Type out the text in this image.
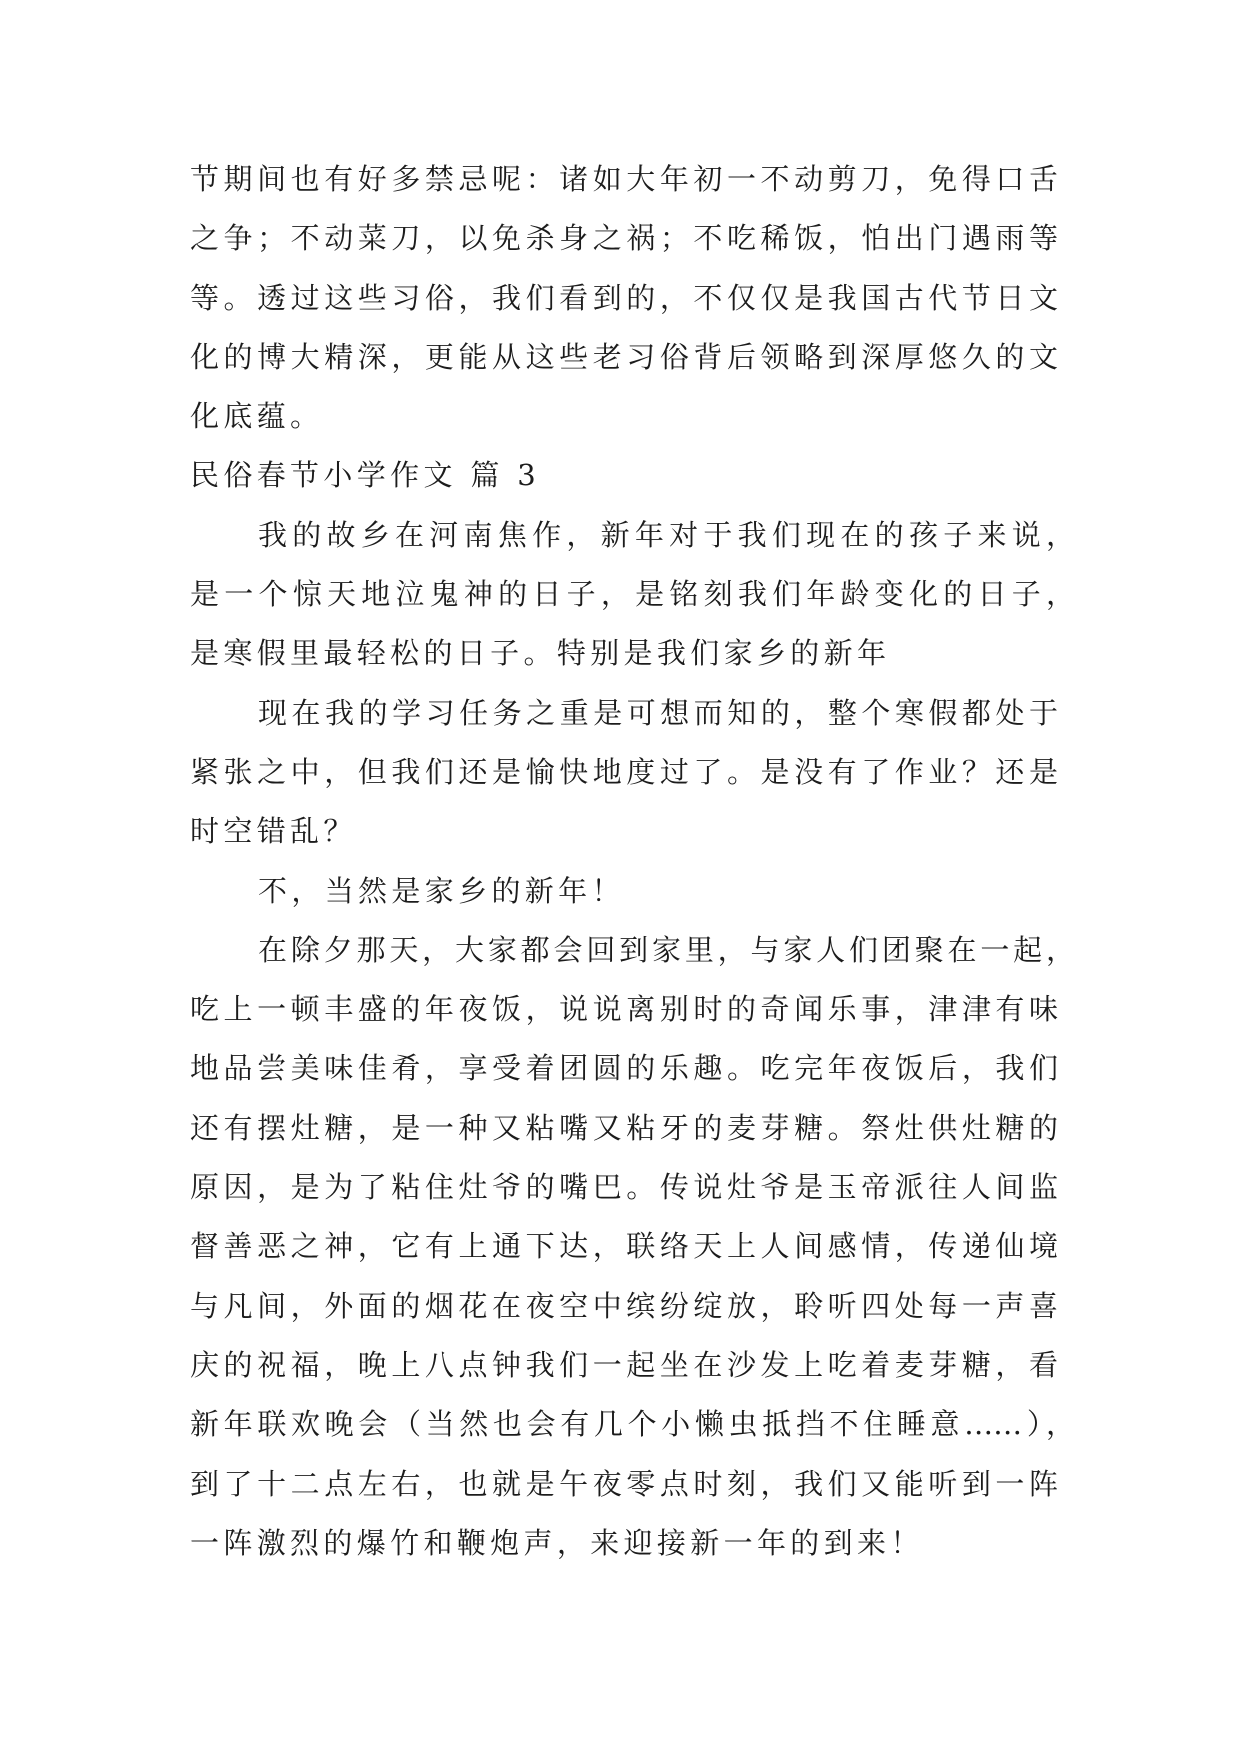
节期间也有好多禁忌呢：诸如大年初一不动剪刀，免得口舌
之争；不动菜刀，以免杀身之祸；不吃稀饭，怕出门遇雨等
等。透过这些习俗，我们看到的，不仅仅是我国古代节日文
化的博大精深，更能从这些老习俗背后领略到深厚悠久的文
化底蕴。
民俗春节小学作文 篇 3
我的故乡在河南焦作，新年对于我们现在的孩子来说，
是一个惊天地泣鬼神的日子，是铭刻我们年龄变化的日子，
是寒假里最轻松的日子。特别是我们家乡的新年
现在我的学习任务之重是可想而知的，整个寒假都处于
紧张之中，但我们还是愉快地度过了。是没有了作业？还是
时空错乱？
不，当然是家乡的新年！
在除夕那天，大家都会回到家里，与家人们团聚在一起，
吃上一顿丰盛的年夜饭，说说离别时的奇闻乐事，津津有味
地品尝美味佳肴，享受着团圆的乐趣。吃完年夜饭后，我们
还有摆灶糖，是一种又粘嘴又粘牙的麦芽糖。祭灶供灶糖的
原因，是为了粘住灶爷的嘴巴。传说灶爷是玉帝派往人间监
督善恶之神，它有上通下达，联络天上人间感情，传递仙境
与凡间，外面的烟花在夜空中缤纷绽放，聆听四处每一声喜
庆的祝福，晚上八点钟我们一起坐在沙发上吃着麦芽糖，看
新年联欢晚会（当然也会有几个小懒虫抵挡不住睡意……），
到了十二点左右，也就是午夜零点时刻，我们又能听到一阵
一阵激烈的爆竹和鞭炮声，来迎接新一年的到来！
